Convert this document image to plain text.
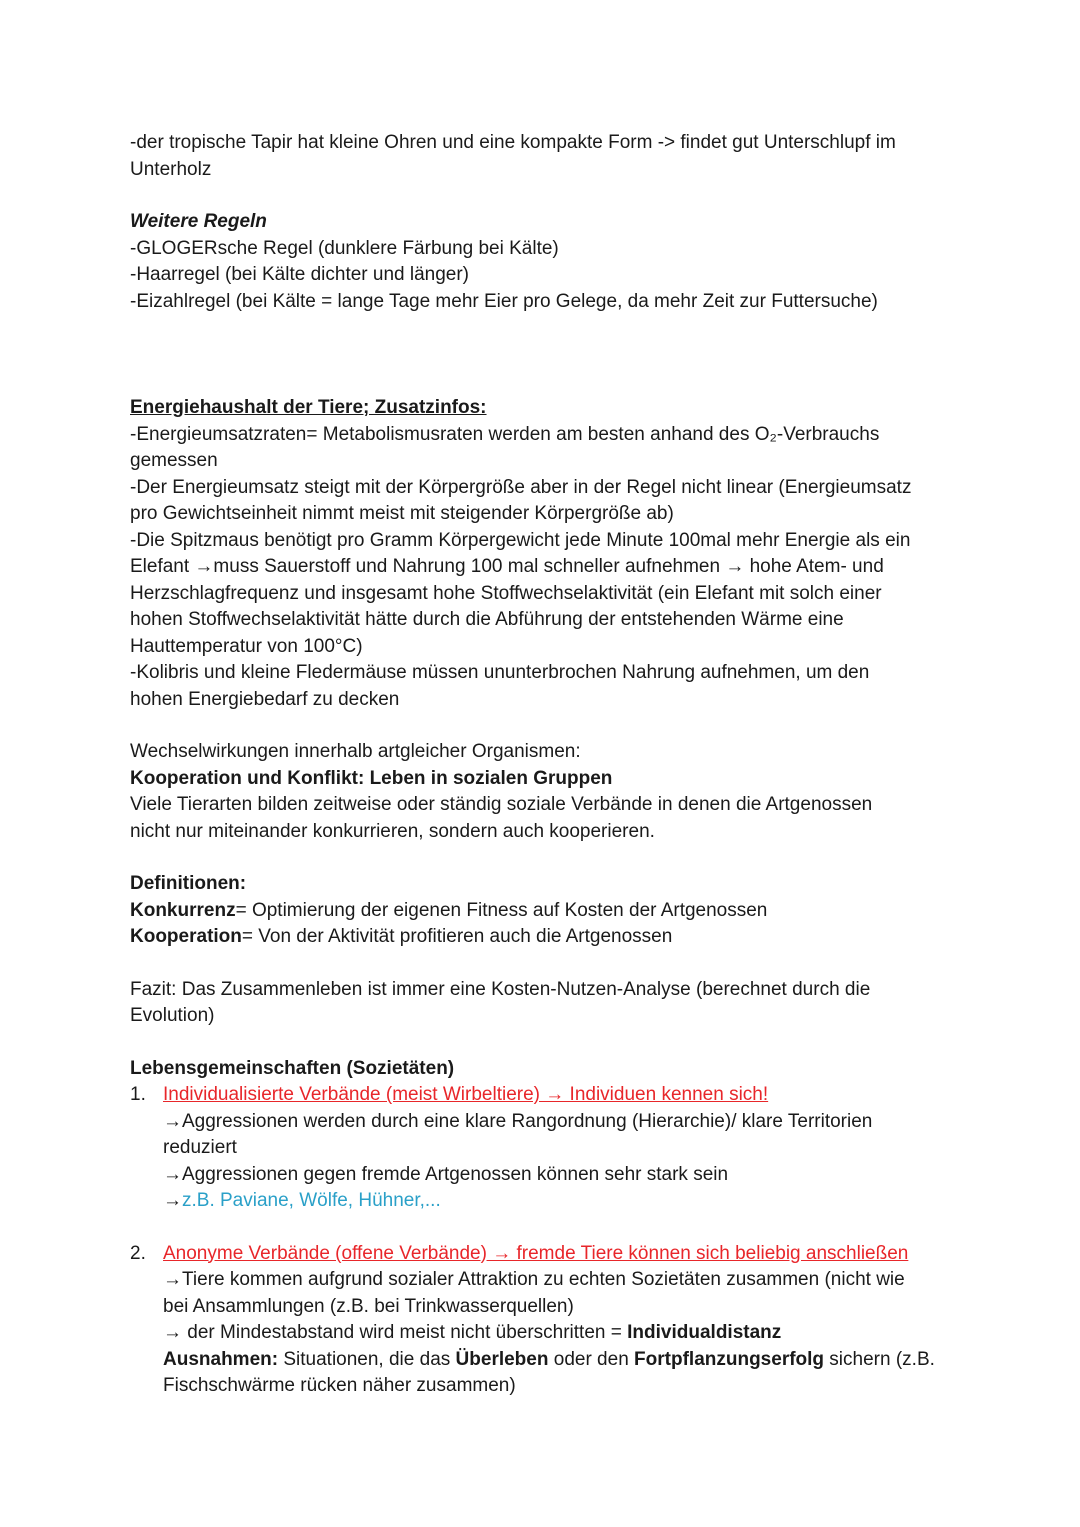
-der tropische Tapir hat kleine Ohren und eine kompakte Form -> findet gut Unterschlupf im

Unterholz

Weitere Regeln

-GLOGERsche Regel (dunklere Färbung bei Kälte)

-Haarregel (bei Kälte dichter und länger)

-Eizahlregel (bei Kälte = lange Tage mehr Eier pro Gelege, da mehr Zeit zur Futtersuche)

Energiehaushalt der Tiere; Zusatzinfos:

-Energieumsatzraten= Metabolismusraten werden am besten anhand des O₂-Verbrauchs

gemessen

-Der Energieumsatz steigt mit der Körpergröße aber in der Regel nicht linear (Energieumsatz

pro Gewichtseinheit nimmt meist mit steigender Körpergröße ab)

-Die Spitzmaus benötigt pro Gramm Körpergewicht jede Minute 100mal mehr Energie als ein

Elefant →muss Sauerstoff und Nahrung 100 mal schneller aufnehmen → hohe Atem- und

Herzschlagfrequenz und insgesamt hohe Stoffwechselaktivität (ein Elefant mit solch einer

hohen Stoffwechselaktivität hätte durch die Abführung der entstehenden Wärme eine

Hauttemperatur von 100°C)

-Kolibris und kleine Fledermäuse müssen ununterbrochen Nahrung aufnehmen, um den

hohen Energiebedarf zu decken

Wechselwirkungen innerhalb artgleicher Organismen:

Kooperation und Konflikt: Leben in sozialen Gruppen

Viele Tierarten bilden zeitweise oder ständig soziale Verbände in denen die Artgenossen

nicht nur miteinander konkurrieren, sondern auch kooperieren.

Definitionen:

Konkurrenz= Optimierung der eigenen Fitness auf Kosten der Artgenossen

Kooperation= Von der Aktivität profitieren auch die Artgenossen

Fazit: Das Zusammenleben ist immer eine Kosten-Nutzen-Analyse (berechnet durch die

Evolution)

Lebensgemeinschaften (Sozietäten)

1. Individualisierte Verbände (meist Wirbeltiere) → Individuen kennen sich!

→Aggressionen werden durch eine klare Rangordnung (Hierarchie)/ klare Territorien

reduziert

→Aggressionen gegen fremde Artgenossen können sehr stark sein

→z.B. Paviane, Wölfe, Hühner,...

2. Anonyme Verbände (offene Verbände) → fremde Tiere können sich beliebig anschließen

→Tiere kommen aufgrund sozialer Attraktion zu echten Sozietäten zusammen (nicht wie

bei Ansammlungen (z.B. bei Trinkwasserquellen)

→ der Mindestabstand wird meist nicht überschritten = Individualdistanz

Ausnahmen: Situationen, die das Überleben oder den Fortpflanzungserfolg sichern (z.B.

Fischschwärme rücken näher zusammen)
